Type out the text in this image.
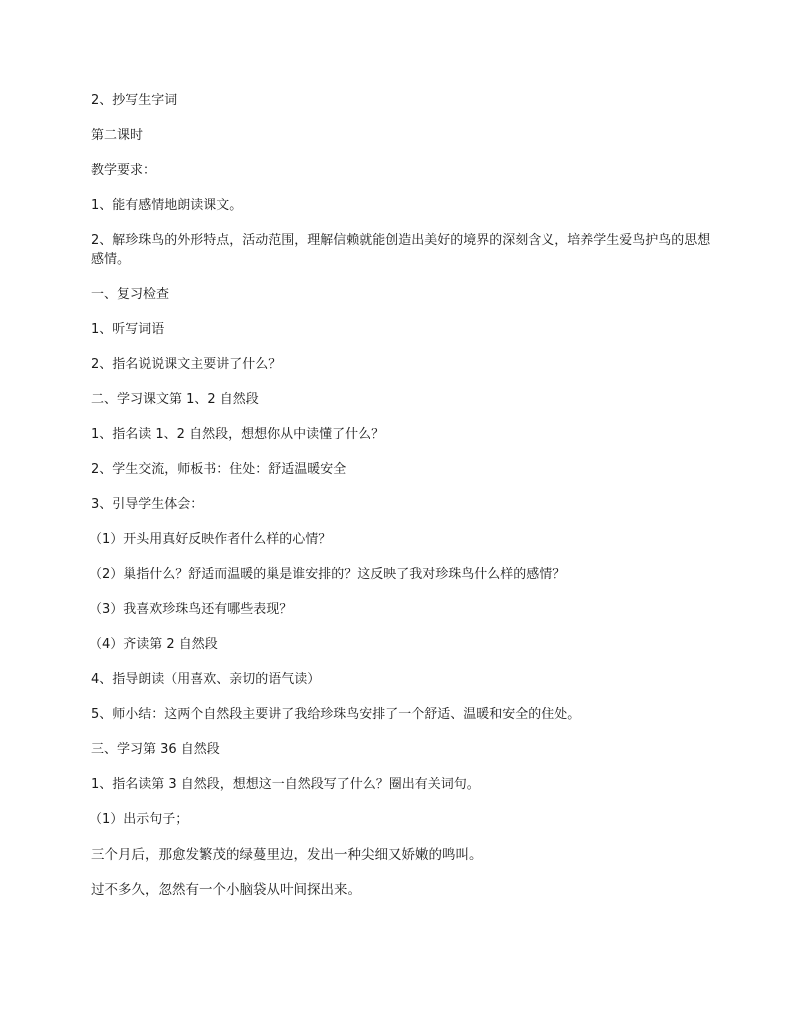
2、抄写生字词

第二课时

教学要求：

1、能有感情地朗读课文。

2、解珍珠鸟的外形特点，活动范围，理解信赖就能创造出美好的境界的深刻含义，培养学生爱鸟护鸟的思想感情。

一、复习检查

1、听写词语

2、指名说说课文主要讲了什么？

二、学习课文第 1、2 自然段

1、指名读 1、2 自然段，想想你从中读懂了什么？

2、学生交流，师板书：住处：舒适温暖安全

3、引导学生体会：

（1）开头用真好反映作者什么样的心情？

（2）巢指什么？舒适而温暖的巢是谁安排的？这反映了我对珍珠鸟什么样的感情？

（3）我喜欢珍珠鸟还有哪些表现？

（4）齐读第 2 自然段

4、指导朗读（用喜欢、亲切的语气读）

5、师小结：这两个自然段主要讲了我给珍珠鸟安排了一个舒适、温暖和安全的住处。

三、学习第 36 自然段

1、指名读第 3 自然段，想想这一自然段写了什么？圈出有关词句。

（1）出示句子；

三个月后，那愈发繁茂的绿蔓里边，发出一种尖细又娇嫩的鸣叫。

过不多久，忽然有一个小脑袋从叶间探出来。
